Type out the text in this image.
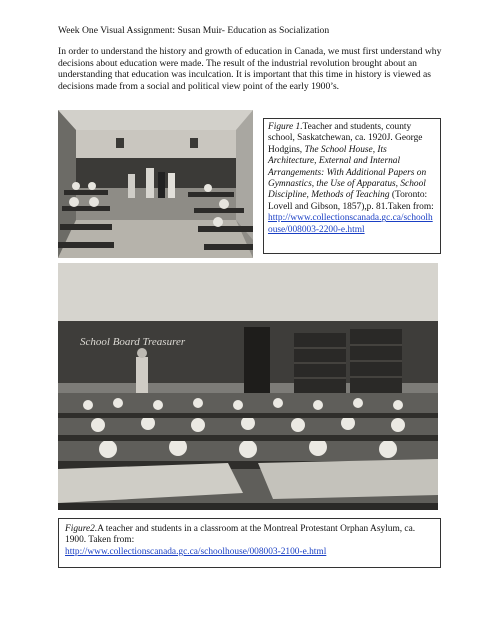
Week One Visual Assignment: Susan Muir- Education as Socialization
In order to understand the history and growth of education in Canada, we must first understand why decisions about education were made. The result of the industrial revolution brought about an understanding that education was inculcation. It is important that this time in history is viewed as decisions made from a social and political view point of the early 1900’s.
Figure 1.Teacher and students, county school, Saskatchewan, ca. 1920J. George Hodgins, The School House, Its Architecture, External and Internal Arrangements: With Additional Papers on Gymnastics, the Use of Apparatus, School Discipline, Methods of Teaching (Toronto: Lovell and Gibson, 1857),p. 81.Taken from:
http://www.collectionscanada.gc.ca/schoolhouse/008003-2200-e.html
School Board Treasurer
Figure2.A teacher and students in a classroom at the Montreal Protestant Orphan Asylum, ca. 1900. Taken from:
http://www.collectionscanada.gc.ca/schoolhouse/008003-2100-e.html
